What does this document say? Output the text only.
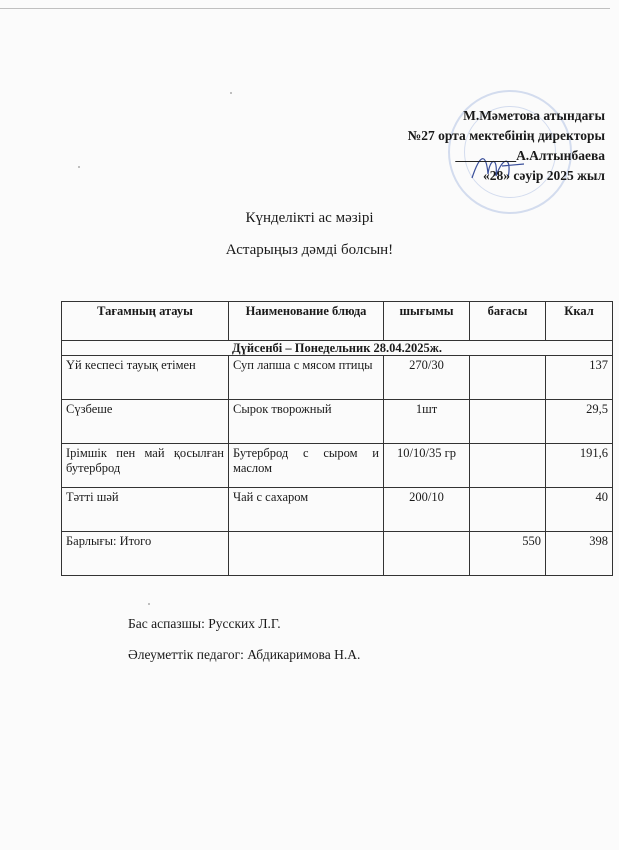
М.Мәметова атындағы
№27 орта мектебінің директоры
_________А.Алтынбаева
«28» сәуір 2025 жыл
Күнделікті ас мәзірі
Астарыңыз дәмді болсын!
Тағамның атауы	Наименование блюда	шығымы	бағасы	Ккал
Дүйсенбі – Понедельник 28.04.2025ж.				
Үй кеспесі тауық етімен	Суп лапша с мясом птицы	270/30		137
Сүзбеше	Сырок творожный	1шт		29,5
Ірімшік пен май қосылған бутерброд	Бутерброд с сыром и маслом	10/10/35 гр		191,6
Тәтті шәй	Чай с сахаром	200/10		40
Барлығы: Итого			550	398
Бас аспазшы: Русских Л.Г.
Әлеуметтік педагог: Абдикаримова Н.А.
